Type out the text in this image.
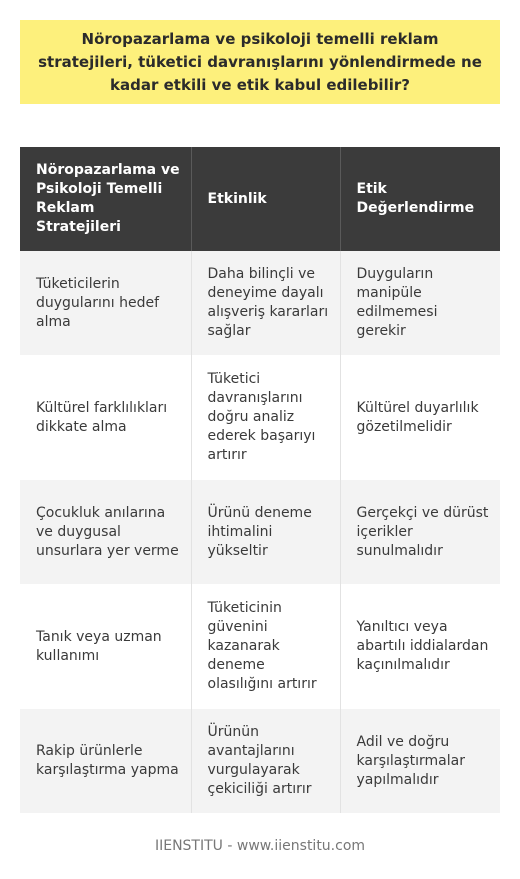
Nöropazarlama ve psikoloji temelli reklam stratejileri, tüketici davranışlarını yönlendirmede ne kadar etkili ve etik kabul edilebilir?
Nöropazarlama ve Psikoloji Temelli Reklam Stratejileri	Etkinlik	Etik Değerlendirme
Tüketicilerin duygularını hedef alma	Daha bilinçli ve deneyime dayalı alışveriş kararları sağlar	Duyguların manipüle edilmemesi gerekir
Kültürel farklılıkları dikkate alma	Tüketici davranışlarını doğru analiz ederek başarıyı artırır	Kültürel duyarlılık gözetilmelidir
Çocukluk anılarına ve duygusal unsurlara yer verme	Ürünü deneme ihtimalini yükseltir	Gerçekçi ve dürüst içerikler sunulmalıdır
Tanık veya uzman kullanımı	Tüketicinin güvenini kazanarak deneme olasılığını artırır	Yanıltıcı veya abartılı iddialardan kaçınılmalıdır
Rakip ürünlerle karşılaştırma yapma	Ürünün avantajlarını vurgulayarak çekiciliği artırır	Adil ve doğru karşılaştırmalar yapılmalıdır
IIENSTITU - www.iienstitu.com
